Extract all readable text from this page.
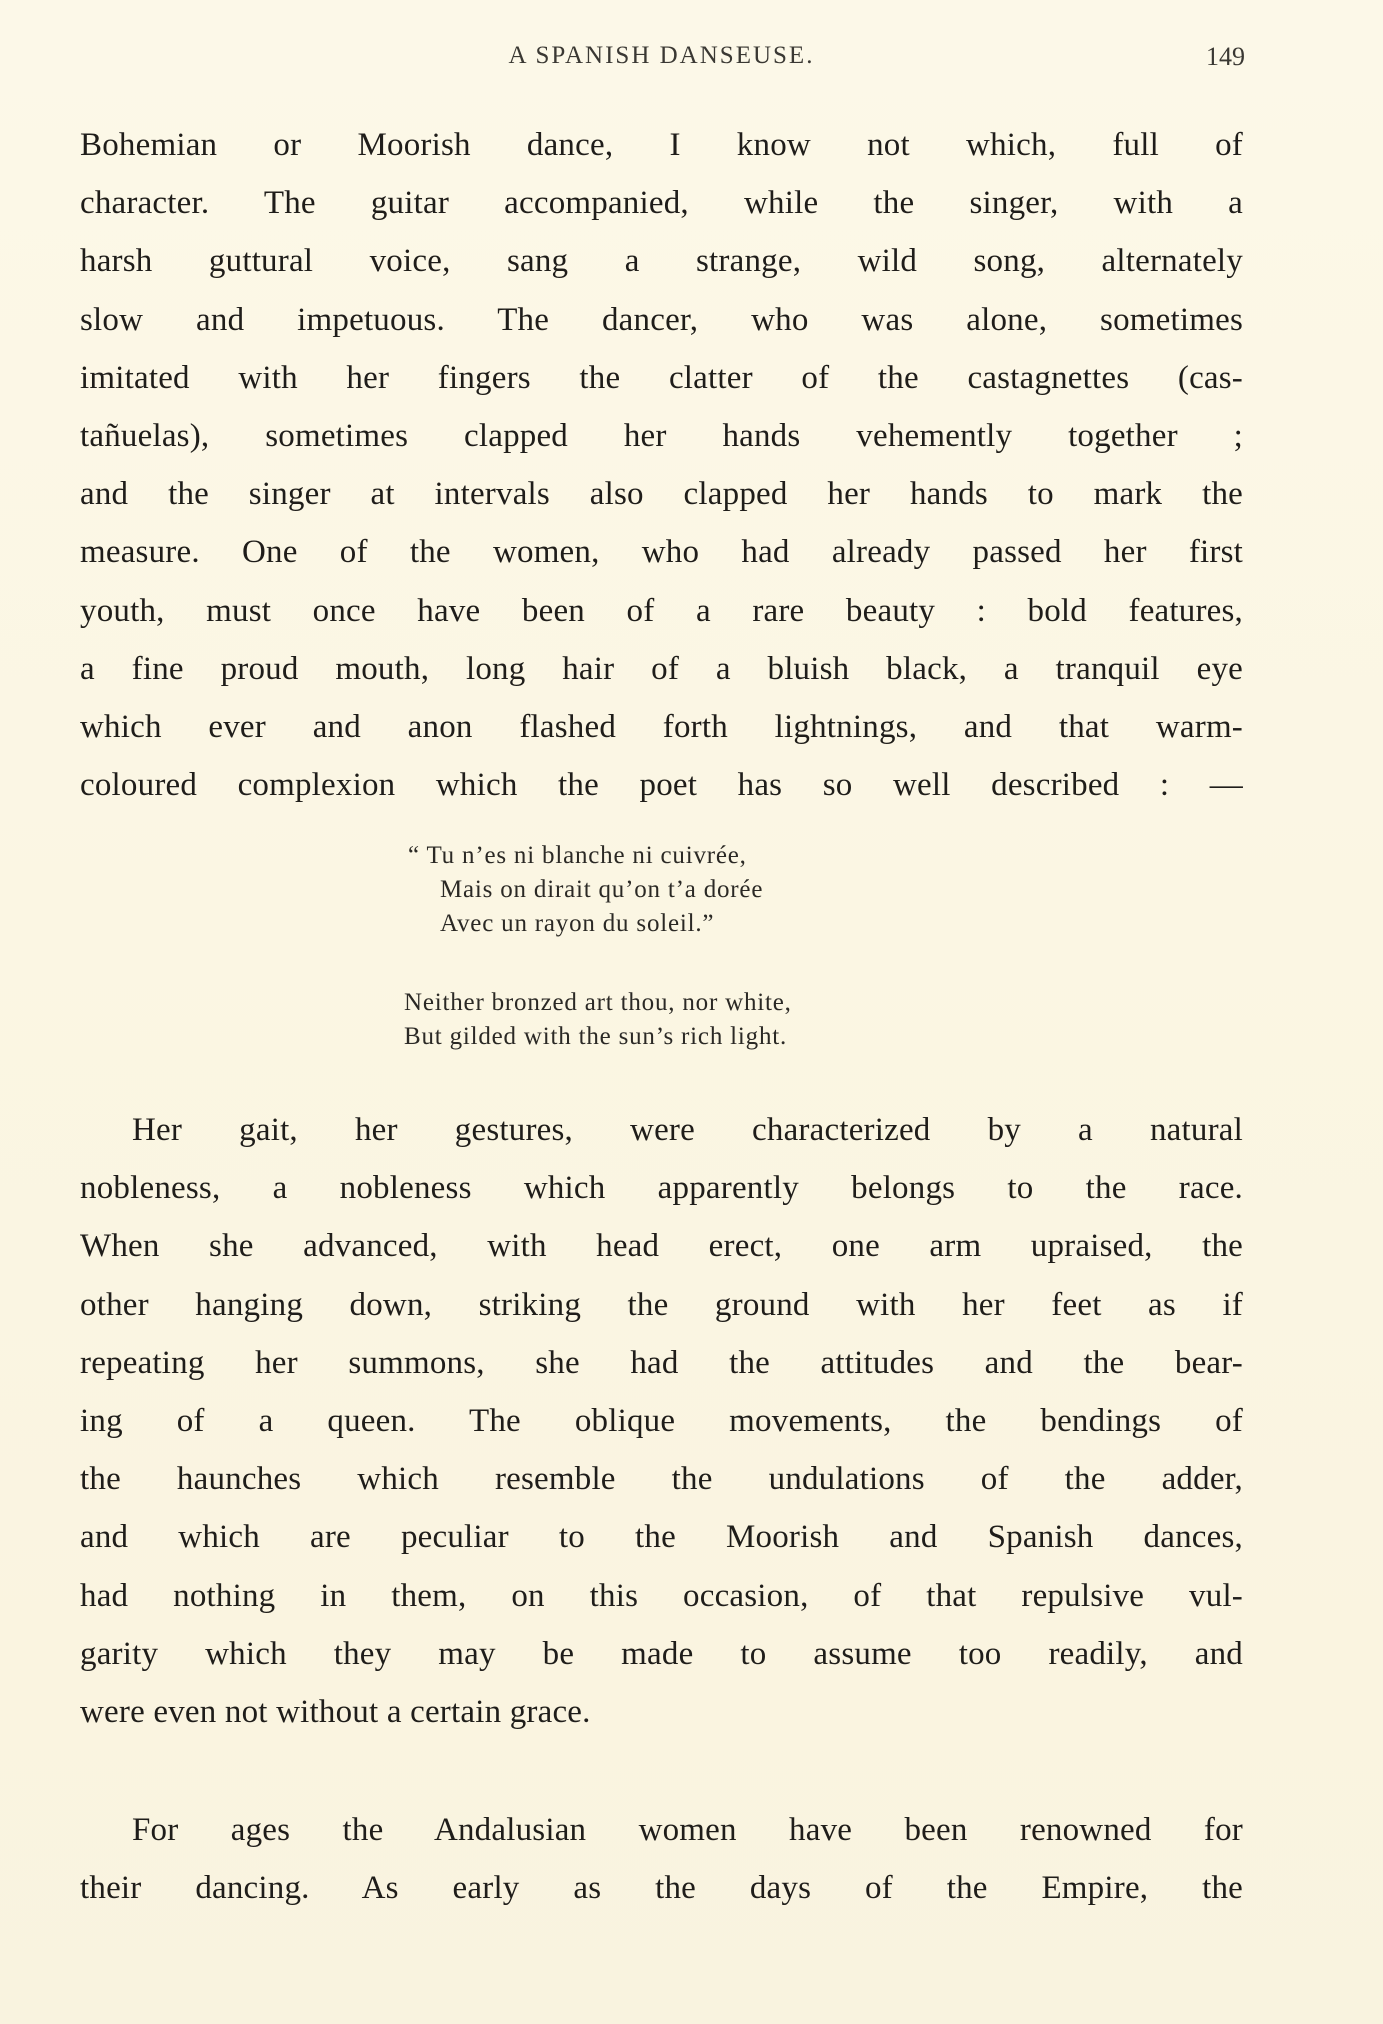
A SPANISH DANSEUSE.	149
Bohemian or Moorish dance, I know not which, full of
character. The guitar accompanied, while the singer, with a
harsh guttural voice, sang a strange, wild song, alternately
slow and impetuous. The dancer, who was alone, sometimes
imitated with her fingers the clatter of the castagnettes (cas-
tañuelas), sometimes clapped her hands vehemently together ;
and the singer at intervals also clapped her hands to mark the
measure. One of the women, who had already passed her first
youth, must once have been of a rare beauty : bold features,
a fine proud mouth, long hair of a bluish black, a tranquil eye
which ever and anon flashed forth lightnings, and that warm-
coloured complexion which the poet has so well described : —
“ Tu n’es ni blanche ni cuivrée,
Mais on dirait qu’on t’a dorée
Avec un rayon du soleil.”
Neither bronzed art thou, nor white,
But gilded with the sun’s rich light.
Her gait, her gestures, were characterized by a natural
nobleness, a nobleness which apparently belongs to the race.
When she advanced, with head erect, one arm upraised, the
other hanging down, striking the ground with her feet as if
repeating her summons, she had the attitudes and the bear-
ing of a queen. The oblique movements, the bendings of
the haunches which resemble the undulations of the adder,
and which are peculiar to the Moorish and Spanish dances,
had nothing in them, on this occasion, of that repulsive vul-
garity which they may be made to assume too readily, and
were even not without a certain grace.
For ages the Andalusian women have been renowned for
their dancing. As early as the days of the Empire, the
